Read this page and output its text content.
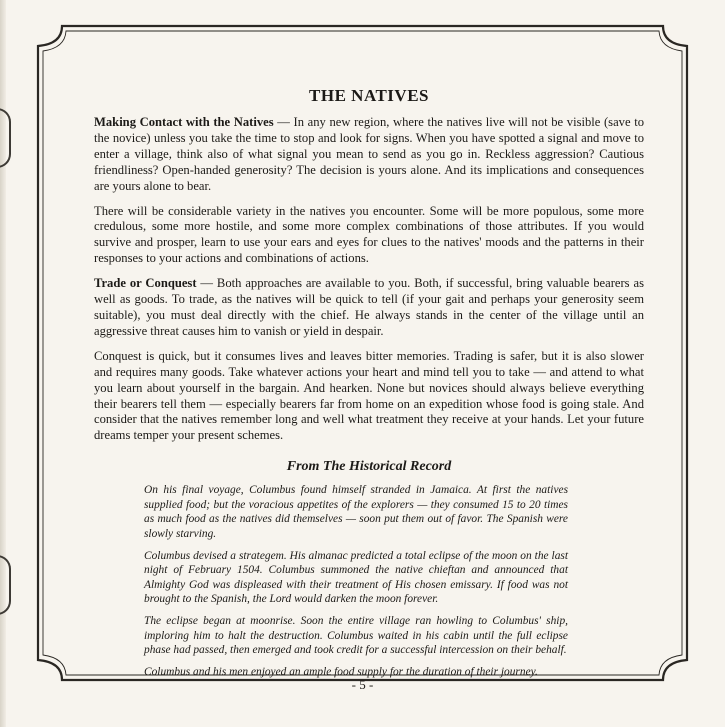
THE NATIVES

Making Contact with the Natives — In any new region, where the natives live will not be visible (save to the novice) unless you take the time to stop and look for signs. When you have spotted a signal and move to enter a village, think also of what signal you mean to send as you go in. Reckless aggression? Cautious friendliness? Open-handed generosity? The decision is yours alone. And its implications and consequences are yours alone to bear.

There will be considerable variety in the natives you encounter. Some will be more populous, some more credulous, some more hostile, and some more complex combinations of those attributes. If you would survive and prosper, learn to use your ears and eyes for clues to the natives' moods and the patterns in their responses to your actions and combinations of actions.

Trade or Conquest — Both approaches are available to you. Both, if successful, bring valuable bearers as well as goods. To trade, as the natives will be quick to tell (if your gait and perhaps your generosity seem suitable), you must deal directly with the chief. He always stands in the center of the village until an aggressive threat causes him to vanish or yield in despair.

Conquest is quick, but it consumes lives and leaves bitter memories. Trading is safer, but it is also slower and requires many goods. Take whatever actions your heart and mind tell you to take — and attend to what you learn about yourself in the bargain. And hearken. None but novices should always believe everything their bearers tell them — especially bearers far from home on an expedition whose food is going stale. And consider that the natives remember long and well what treatment they receive at your hands. Let your future dreams temper your present schemes.

From The Historical Record

On his final voyage, Columbus found himself stranded in Jamaica. At first the natives supplied food; but the voracious appetites of the explorers — they consumed 15 to 20 times as much food as the natives did themselves — soon put them out of favor. The Spanish were slowly starving.

Columbus devised a strategem. His almanac predicted a total eclipse of the moon on the last night of February 1504. Columbus summoned the native chieftan and announced that Almighty God was displeased with their treatment of His chosen emissary. If food was not brought to the Spanish, the Lord would darken the moon forever.

The eclipse began at moonrise. Soon the entire village ran howling to Columbus' ship, imploring him to halt the destruction. Columbus waited in his cabin until the full eclipse phase had passed, then emerged and took credit for a successful intercession on their behalf.

Columbus and his men enjoyed an ample food supply for the duration of their journey.

- 5 -
